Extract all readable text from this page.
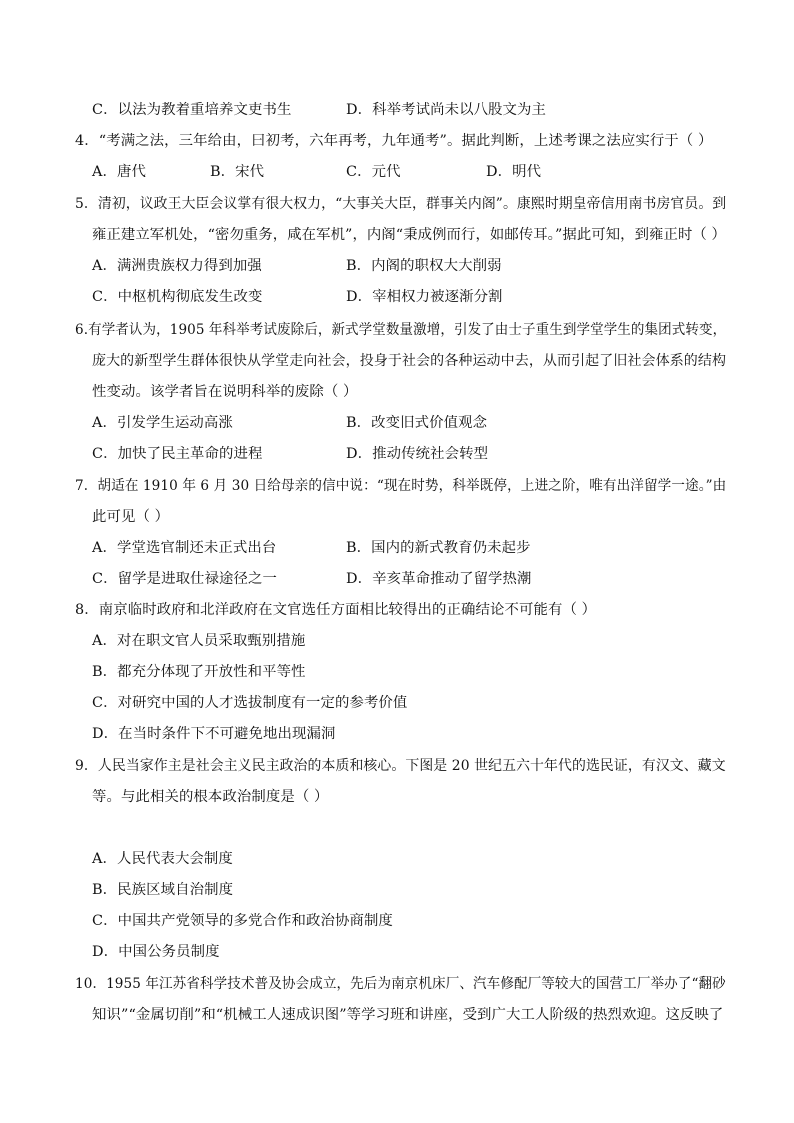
C．以法为教着重培养文吏书生	D．科举考试尚未以八股文为主
4．“考满之法，三年给由，曰初考，六年再考，九年通考”。据此判断，上述考课之法应实行于（ ）
A．唐代	B．宋代	C．元代	D．明代
5．清初，议政王大臣会议掌有很大权力，“大事关大臣，群事关内阁”。康熙时期皇帝信用南书房官员。到
雍正建立军机处，“密勿重务，咸在军机”，内阁“秉成例而行，如邮传耳。”据此可知，到雍正时（ ）
A．满洲贵族权力得到加强	B．内阁的职权大大削弱
C．中枢机构彻底发生改变	D．宰相权力被逐渐分割
6.有学者认为，1905 年科举考试废除后，新式学堂数量激增，引发了由士子重生到学堂学生的集团式转变，
庞大的新型学生群体很快从学堂走向社会，投身于社会的各种运动中去，从而引起了旧社会体系的结构
性变动。该学者旨在说明科举的废除（ ）
A．引发学生运动高涨	B．改变旧式价值观念
C．加快了民主革命的进程	D．推动传统社会转型
7．胡适在 1910 年 6 月 30 日给母亲的信中说：“现在时势，科举既停，上进之阶，唯有出洋留学一途。”由
此可见（ ）
A．学堂选官制还未正式出台	B．国内的新式教育仍未起步
C．留学是进取仕禄途径之一	D．辛亥革命推动了留学热潮
8．南京临时政府和北洋政府在文官选任方面相比较得出的正确结论不可能有（ ）
A．对在职文官人员采取甄别措施
B．都充分体现了开放性和平等性
C．对研究中国的人才选拔制度有一定的参考价值
D．在当时条件下不可避免地出现漏洞
9．人民当家作主是社会主义民主政治的本质和核心。下图是 20 世纪五六十年代的选民证，有汉文、藏文
等。与此相关的根本政治制度是（ ）
A．人民代表大会制度
B．民族区域自治制度
C．中国共产党领导的多党合作和政治协商制度
D．中国公务员制度
10．1955 年江苏省科学技术普及协会成立，先后为南京机床厂、汽车修配厂等较大的国营工厂举办了“翻砂
知识”“金属切削”和“机械工人速成识图”等学习班和讲座，受到广大工人阶级的热烈欢迎。这反映了
